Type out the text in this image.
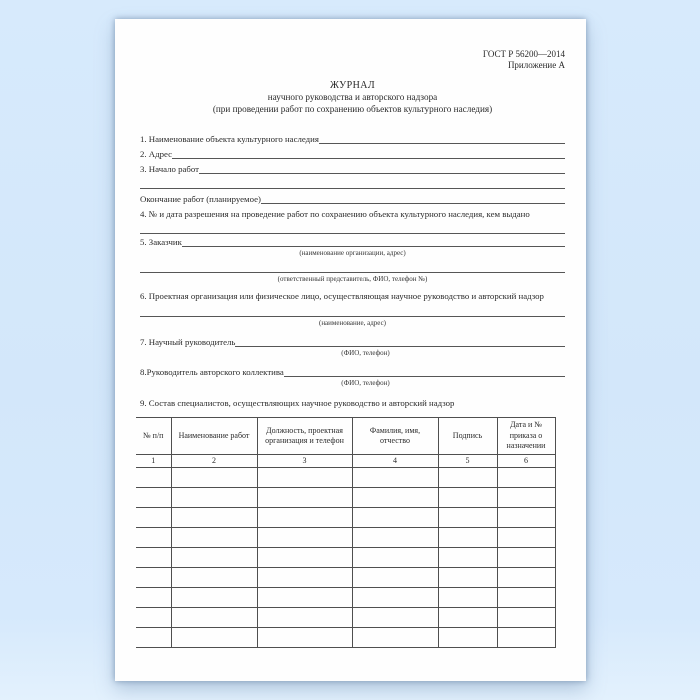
ГОСТ Р 56200—2014
Приложение А
ЖУРНАЛ
научного руководства и авторского надзора
(при проведении работ по сохранению объектов культурного наследия)
1. Наименование объекта культурного наследия
2. Адрес
3. Начало работ
Окончание работ (планируемое)
4. № и дата разрешения на проведение работ по сохранению объекта культурного наследия, кем выдано
5. Заказчик
(наименование организации, адрес)
(ответственный представитель, ФИО, телефон №)
6. Проектная организация или физическое лицо, осуществляющая научное руководство и авторский надзор
(наименование, адрес)
7. Научный руководитель
(ФИО, телефон)
8.Руководитель авторского коллектива
(ФИО, телефон)
9. Состав специалистов, осуществляющих научное руководство и авторский надзор
№ п/п	Наименование работ	Должность, проектная организация и телефон	Фамилия, имя, отчество	Подпись	Дата и № приказа о назначении
1	2	3	4	5	6
